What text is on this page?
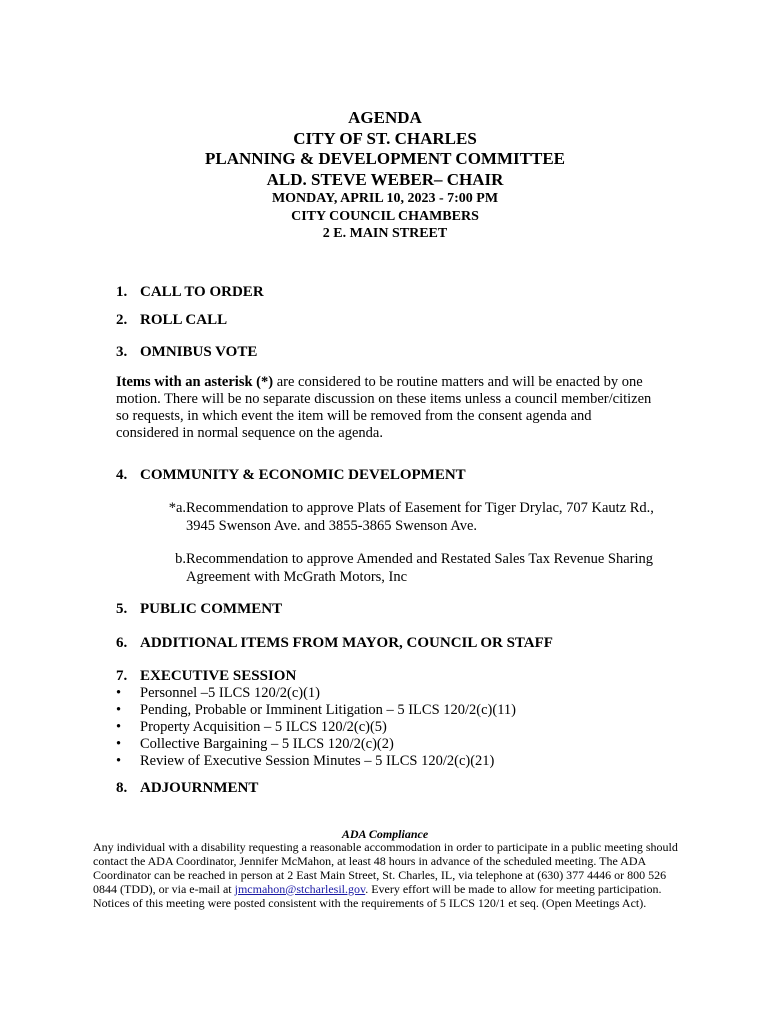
AGENDA
CITY OF ST. CHARLES
PLANNING & DEVELOPMENT COMMITTEE
ALD. STEVE WEBER– CHAIR
MONDAY, APRIL 10, 2023 - 7:00 PM
CITY COUNCIL CHAMBERS
2 E. MAIN STREET
1. CALL TO ORDER
2. ROLL CALL
3. OMNIBUS VOTE
Items with an asterisk (*) are considered to be routine matters and will be enacted by one motion. There will be no separate discussion on these items unless a council member/citizen so requests, in which event the item will be removed from the consent agenda and considered in normal sequence on the agenda.
4. COMMUNITY & ECONOMIC DEVELOPMENT
*a. Recommendation to approve Plats of Easement for Tiger Drylac, 707 Kautz Rd., 3945 Swenson Ave. and 3855-3865 Swenson Ave.
b. Recommendation to approve Amended and Restated Sales Tax Revenue Sharing Agreement with McGrath Motors, Inc
5. PUBLIC COMMENT
6. ADDITIONAL ITEMS FROM MAYOR, COUNCIL OR STAFF
7. EXECUTIVE SESSION
• Personnel –5 ILCS 120/2(c)(1)
• Pending, Probable or Imminent Litigation – 5 ILCS 120/2(c)(11)
• Property Acquisition – 5 ILCS 120/2(c)(5)
• Collective Bargaining – 5 ILCS 120/2(c)(2)
• Review of Executive Session Minutes – 5 ILCS 120/2(c)(21)
8. ADJOURNMENT
ADA Compliance
Any individual with a disability requesting a reasonable accommodation in order to participate in a public meeting should contact the ADA Coordinator, Jennifer McMahon, at least 48 hours in advance of the scheduled meeting. The ADA Coordinator can be reached in person at 2 East Main Street, St. Charles, IL, via telephone at (630) 377 4446 or 800 526 0844 (TDD), or via e-mail at jmcmahon@stcharlesil.gov. Every effort will be made to allow for meeting participation. Notices of this meeting were posted consistent with the requirements of 5 ILCS 120/1 et seq. (Open Meetings Act).
